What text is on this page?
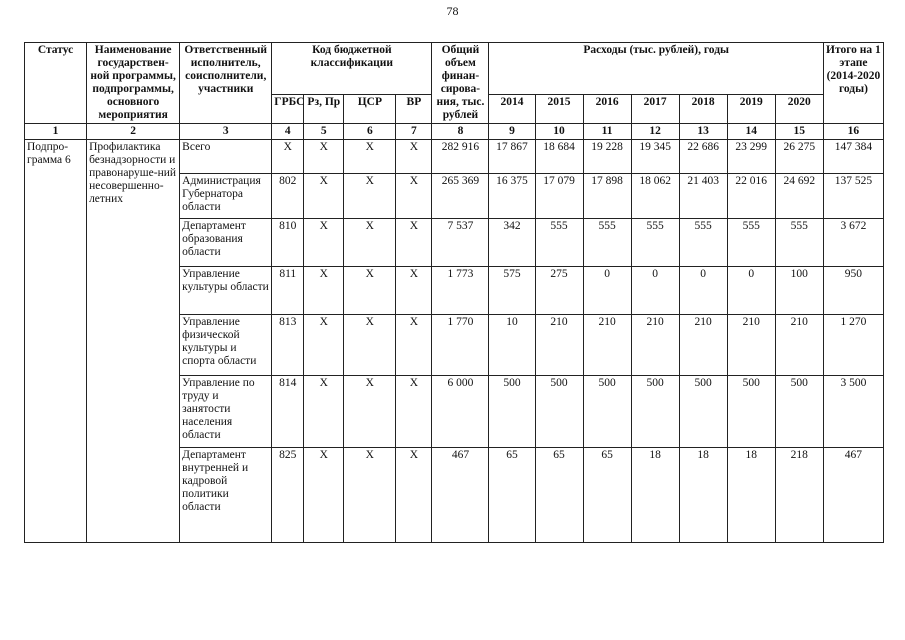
78
Статус	Наименование государствен-ной программы, подпрограммы, основного мероприятия	Ответственный исполнитель, соисполнители, участники	Код бюджетной классификации				Общий объем финан-сирова-ния, тыс. рублей	Расходы (тыс. рублей), годы							Итого на 1 этапе (2014-2020 годы)
			ГРБС	Рз, Пр	ЦСР	ВР		2014	2015	2016	2017	2018	2019	2020	
1	2	3	4	5	6	7	8	9	10	11	12	13	14	15	16
Подпро-грамма 6	Профилактика безнадзорности и правонаруше-ний несовершенно-летних	Всего	Х	Х	Х	Х	282 916	17 867	18 684	19 228	19 345	22 686	23 299	26 275	147 384
		Администрация Губернатора области	802	Х	Х	Х	265 369	16 375	17 079	17 898	18 062	21 403	22 016	24 692	137 525
		Департамент образования области	810	Х	Х	Х	7 537	342	555	555	555	555	555	555	3 672
		Управление культуры области	811	Х	Х	Х	1 773	575	275	0	0	0	0	100	950
		Управление физической культуры и спорта области	813	Х	Х	Х	1 770	10	210	210	210	210	210	210	1 270
		Управление по труду и занятости населения области	814	Х	Х	Х	6 000	500	500	500	500	500	500	500	3 500
		Департамент внутренней и кадровой политики области	825	Х	Х	Х	467	65	65	65	18	18	18	218	467
